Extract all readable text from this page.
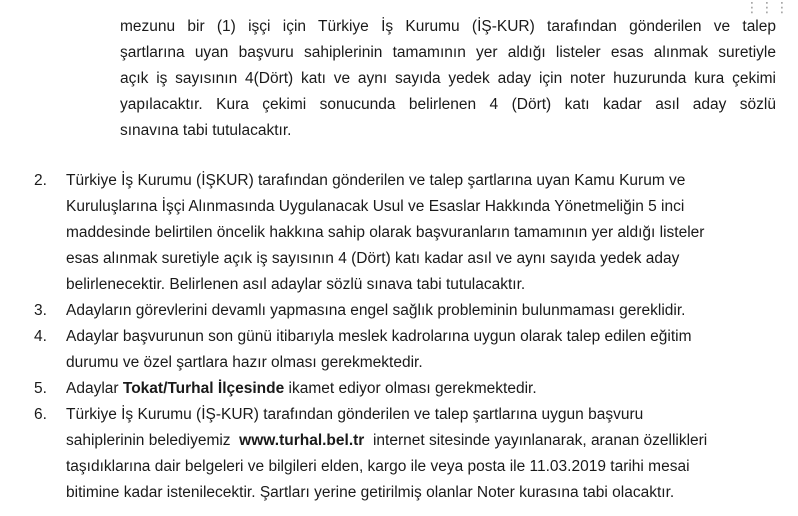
⋮⋮⋮
mezunu bir (1) işçi için Türkiye İş Kurumu (İŞ-KUR) tarafından gönderilen ve talep
şartlarına uyan başvuru sahiplerinin tamamının yer aldığı listeler esas alınmak suretiyle
açık iş sayısının 4(Dört) katı ve aynı sayıda yedek aday için noter huzurunda kura çekimi
yapılacaktır. Kura çekimi sonucunda belirlenen 4 (Dört) katı kadar asıl aday sözlü
sınavına tabi tutulacaktır.
2. Türkiye İş Kurumu (İŞKUR) tarafından gönderilen ve talep şartlarına uyan Kamu Kurum ve
Kuruluşlarına İşçi Alınmasında Uygulanacak Usul ve Esaslar Hakkında Yönetmeliğin 5 inci
maddesinde belirtilen öncelik hakkına sahip olarak başvuranların tamamının yer aldığı listeler
esas alınmak suretiyle açık iş sayısının 4 (Dört) katı kadar asıl ve aynı sayıda yedek aday
belirlenecektir. Belirlenen asıl adaylar sözlü sınava tabi tutulacaktır.
3. Adayların görevlerini devamlı yapmasına engel sağlık probleminin bulunmaması gereklidir.
4. Adaylar başvurunun son günü itibarıyla meslek kadrolarına uygun olarak talep edilen eğitim
durumu ve özel şartlara hazır olması gerekmektedir.
5. Adaylar Tokat/Turhal İlçesinde ikamet ediyor olması gerekmektedir.
6. Türkiye İş Kurumu (İŞ-KUR) tarafından gönderilen ve talep şartlarına uygun başvuru
sahiplerinin belediyemiz  www.turhal.bel.tr  internet sitesinde yayınlanarak, aranan özellikleri
taşıdıklarına dair belgeleri ve bilgileri elden, kargo ile veya posta ile 11.03.2019 tarihi mesai
bitimine kadar istenilecektir. Şartları yerine getirilmiş olanlar Noter kurasına tabi olacaktır.
